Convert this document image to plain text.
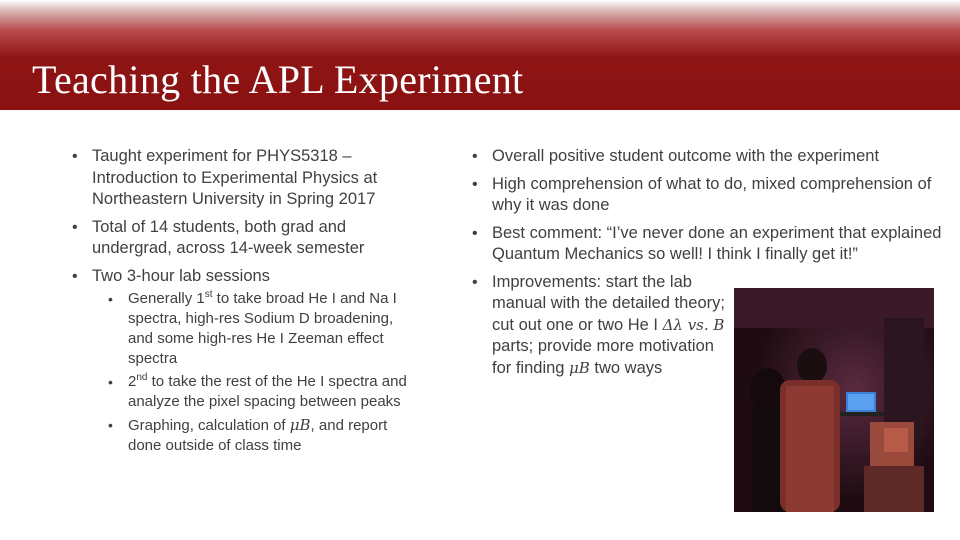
Teaching the APL Experiment
• Taught experiment for PHYS5318 – Introduction to Experimental Physics at Northeastern University in Spring 2017
• Total of 14 students, both grad and undergrad, across 14-week semester
• Two 3-hour lab sessions
• Generally 1st to take broad He I and Na I spectra, high-res Sodium D broadening, and some high-res He I Zeeman effect spectra
• 2nd to take the rest of the He I spectra and analyze the pixel spacing between peaks
• Graphing, calculation of μB, and report done outside of class time
• Overall positive student outcome with the experiment
• High comprehension of what to do, mixed comprehension of why it was done
• Best comment: “I’ve never done an experiment that explained Quantum Mechanics so well! I think I finally get it!”
• Improvements: start the lab manual with the detailed theory; cut out one or two He I Δλ vs. B parts; provide more motivation for finding μB two ways
